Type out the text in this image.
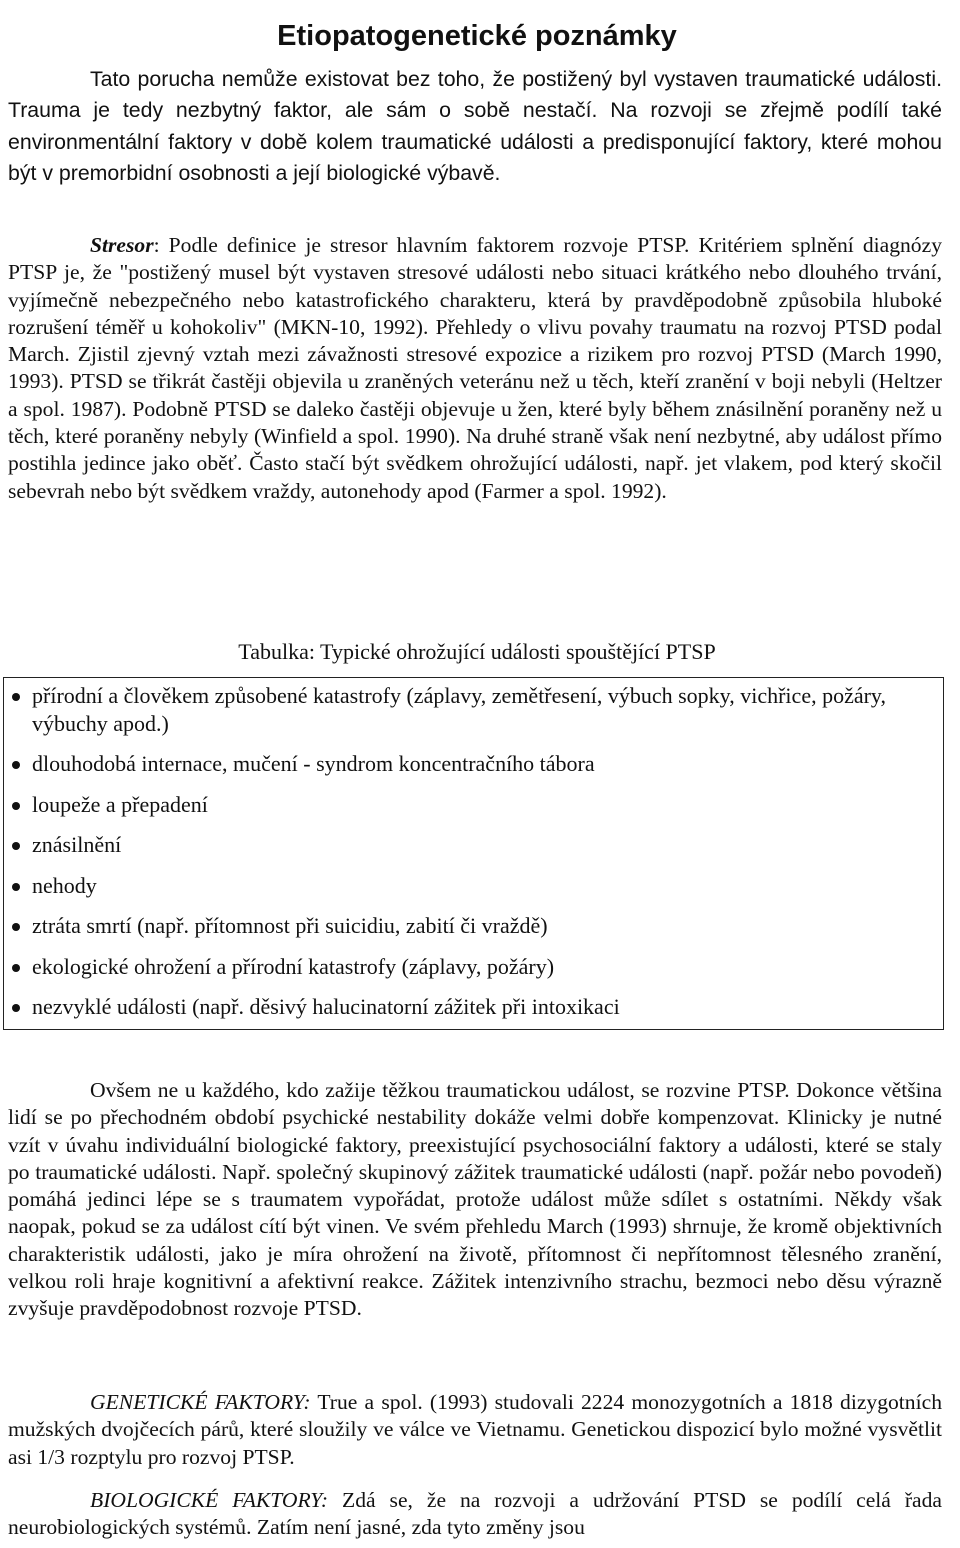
Etiopatogenetické poznámky

Tato porucha nemůže existovat bez toho, že postižený byl vystaven traumatické události. Trauma je tedy nezbytný faktor, ale sám o sobě nestačí. Na rozvoji se zřejmě podílí také environmentální faktory v době kolem traumatické události a predisponující faktory, které mohou být v premorbidní osobnosti a její biologické výbavě.

Stresor: Podle definice je stresor hlavním faktorem rozvoje PTSP. Kritériem splnění diagnózy PTSP je, že "postižený musel být vystaven stresové události nebo situaci krátkého nebo dlouhého trvání, vyjímečně nebezpečného nebo katastrofického charakteru, která by pravděpodobně způsobila hluboké rozrušení téměř u kohokoliv" (MKN-10, 1992). Přehledy o vlivu povahy traumatu na rozvoj PTSD podal March. Zjistil zjevný vztah mezi závažnosti stresové expozice a rizikem pro rozvoj PTSD (March 1990, 1993). PTSD se třikrát častěji objevila u zraněných veteránu než u těch, kteří zranění v boji nebyli (Heltzer a spol. 1987). Podobně PTSD se daleko častěji objevuje u žen, které byly během znásilnění poraněny než u těch, které poraněny nebyly (Winfield a spol. 1990). Na druhé straně však není nezbytné, aby událost přímo postihla jedince jako oběť. Často stačí být svědkem ohrožující události, např. jet vlakem, pod který skočil sebevrah nebo být svědkem vraždy, autonehody apod (Farmer a spol. 1992).

Tabulka: Typické ohrožující události spouštějící PTSP
přírodní a člověkem způsobené katastrofy (záplavy, zemětřesení, výbuch sopky, vichřice, požáry, výbuchy apod.)
dlouhodobá internace, mučení - syndrom koncentračního tábora
loupeže a přepadení
znásilnění
nehody
ztráta smrtí (např. přítomnost při suicidiu, zabití či vraždě)
ekologické ohrožení a přírodní katastrofy (záplavy, požáry)
nezvyklé události (např. děsivý halucinatorní zážitek při intoxikaci

Ovšem ne u každého, kdo zažije těžkou traumatickou událost, se rozvine PTSP. Dokonce většina lidí se po přechodném období psychické nestability dokáže velmi dobře kompenzovat. Klinicky je nutné vzít v úvahu individuální biologické faktory, preexistující psychosociální faktory a události, které se staly po traumatické události. Např. společný skupinový zážitek traumatické události (např. požár nebo povodeň) pomáhá jedinci lépe se s traumatem vypořádat, protože událost může sdílet s ostatními. Někdy však naopak, pokud se za událost cítí být vinen. Ve svém přehledu March (1993) shrnuje, že kromě objektivních charakteristik události, jako je míra ohrožení na životě, přítomnost či nepřítomnost tělesného zranění, velkou roli hraje kognitivní a afektivní reakce. Zážitek intenzivního strachu, bezmoci nebo děsu výrazně zvyšuje pravděpodobnost rozvoje PTSD.

GENETICKÉ FAKTORY: True a spol. (1993) studovali 2224 monozygotních a 1818 dizygotních mužských dvojčecích párů, které sloužily ve válce ve Vietnamu. Genetickou dispozicí bylo možné vysvětlit asi 1/3 rozptylu pro rozvoj PTSP.

BIOLOGICKÉ FAKTORY: Zdá se, že na rozvoji a udržování PTSD se podílí celá řada neurobiologických systémů. Zatím není jasné, zda tyto změny jsou
